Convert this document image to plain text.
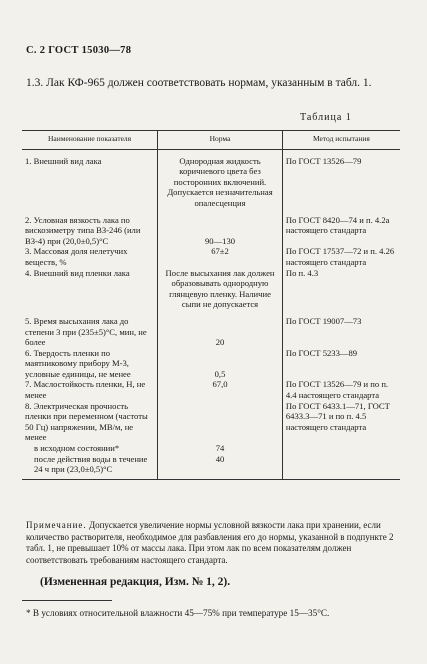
С. 2 ГОСТ 15030—78
1.3. Лак КФ-965 должен соответствовать нормам, указанным в табл. 1.
Таблица 1
Наименование показателя	Норма	Метод испытания
1. Внешний вид лака	Однородная жидкость коричневого цвета без посторонних включений. Допускается незначительная опалесценция	По ГОСТ 13526—79

2. Условная вязкость лака по вискозиметру типа ВЗ-246 (или ВЗ-4) при (20,0±0,5)°С	90—130	По ГОСТ 8420—74 и п. 4.2а настоящего стандарта
3. Массовая доля нелетучих веществ, %	67±2	По ГОСТ 17537—72 и п. 4.26 настоящего стандарта
4. Внешний вид пленки лака	После высыхания лак должен образовывать однородную глянцевую пленку. Наличие сыпи не допускается	По п. 4.3

5. Время высыхания лака до степени 3 при (235±5)°С, мин, не более	20	По ГОСТ 19007—73
6. Твердость пленки по маятниковому прибору М-3, условные единицы, не менее	0,5	По ГОСТ 5233—89
7. Маслостойкость пленки, Н, не менее	67,0	По ГОСТ 13526—79 и по п. 4.4 настоящего стандарта
8. Электрическая прочность пленки при переменном (частоты 50 Гц) напряжении, МВ/м, не менее		По ГОСТ 6433.1—71, ГОСТ 6433.3—71 и по п. 4.5 настоящего стандарта
в исходном состоянии*	74	
после действия воды в течение 24 ч при (23,0±0,5)°С	40	
Примечание. Допускается увеличение нормы условной вязкости лака при хранении, если количество растворителя, необходимое для разбавления его до нормы, указанной в подпункте 2 табл. 1, не превышает 10% от массы лака. При этом лак по всем показателям должен соответствовать требованиям настоящего стандарта.
(Измененная редакция, Изм. № 1, 2).
* В условиях относительной влажности 45—75% при температуре 15—35°С.
